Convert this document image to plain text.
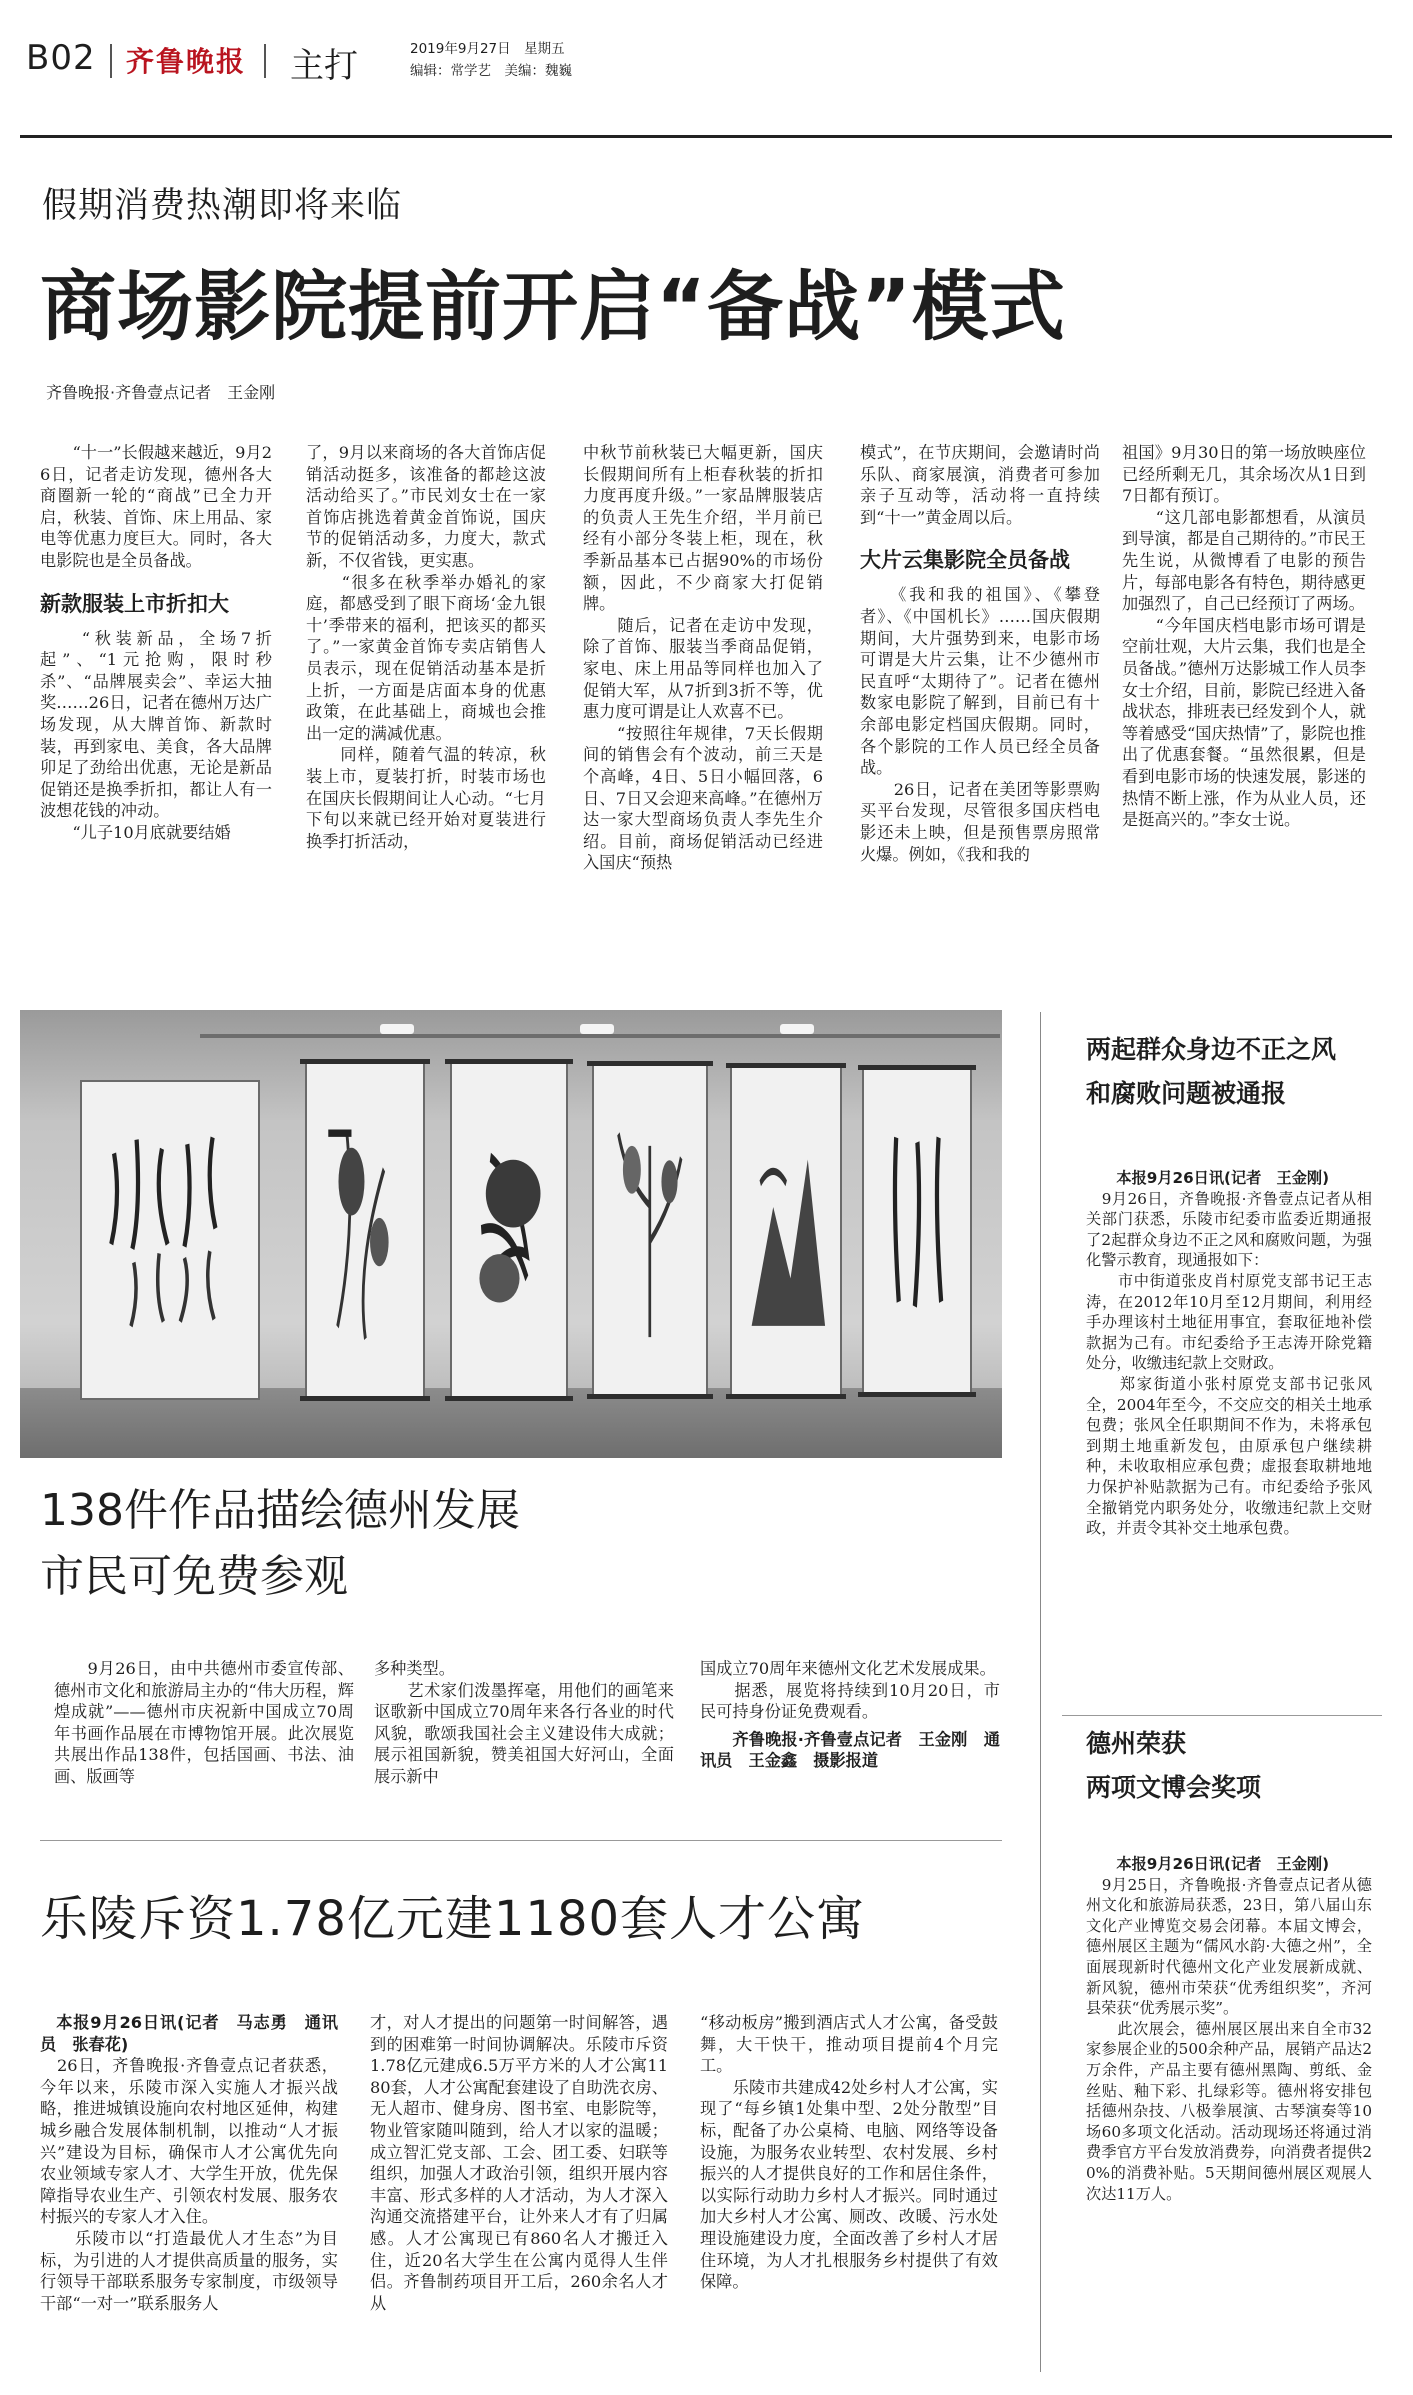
B02 齐鲁晚报 主打	2019年9月27日　星期五
编辑：常学艺　美编：魏巍
假期消费热潮即将来临
商场影院提前开启“备战”模式
齐鲁晚报·齐鲁壹点记者　王金刚

　　“十一”长假越来越近，9月26日，记者走访发现，德州各大商圈新一轮的“商战”已全力开启，秋装、首饰、床上用品、家电等优惠力度巨大。同时，各大电影院也是全员备战。

新款服装上市折扣大

　　“秋装新品，全场7折起”、“1元抢购，限时秒杀”、“品牌展卖会”、幸运大抽奖……26日，记者在德州万达广场发现，从大牌首饰、新款时装，再到家电、美食，各大品牌卯足了劲给出优惠，无论是新品促销还是换季折扣，都让人有一波想花钱的冲动。
　　“儿子10月底就要结婚

了，9月以来商场的各大首饰店促销活动挺多，该准备的都趁这波活动给买了。”市民刘女士在一家首饰店挑选着黄金首饰说，国庆节的促销活动多，力度大，款式新，不仅省钱，更实惠。
　　“很多在秋季举办婚礼的家庭，都感受到了眼下商场‘金九银十’季带来的福利，把该买的都买了。”一家黄金首饰专卖店销售人员表示，现在促销活动基本是折上折，一方面是店面本身的优惠政策，在此基础上，商城也会推出一定的满减优惠。
　　同样，随着气温的转凉，秋装上市，夏装打折，时装市场也在国庆长假期间让人心动。“七月下旬以来就已经开始对夏装进行换季打折活动，

中秋节前秋装已大幅更新，国庆长假期间所有上柜春秋装的折扣力度再度升级。”一家品牌服装店的负责人王先生介绍，半月前已经有小部分冬装上柜，现在，秋季新品基本已占据90%的市场份额，因此，不少商家大打促销牌。
　　随后，记者在走访中发现，除了首饰、服装当季商品促销，家电、床上用品等同样也加入了促销大军，从7折到3折不等，优惠力度可谓是让人欢喜不已。
　　“按照往年规律，7天长假期间的销售会有个波动，前三天是个高峰，4日、5日小幅回落，6日、7日又会迎来高峰。”在德州万达一家大型商场负责人李先生介绍。目前，商场促销活动已经进入国庆“预热

模式”，在节庆期间，会邀请时尚乐队、商家展演，消费者可参加亲子互动等，活动将一直持续到“十一”黄金周以后。

大片云集影院全员备战

　　《我和我的祖国》、《攀登者》、《中国机长》……国庆假期期间，大片强势到来，电影市场可谓是大片云集，让不少德州市民直呼“太期待了”。记者在德州数家电影院了解到，目前已有十余部电影定档国庆假期。同时，各个影院的工作人员已经全员备战。
　　26日，记者在美团等影票购买平台发现，尽管很多国庆档电影还未上映，但是预售票房照常火爆。例如，《我和我的

祖国》9月30日的第一场放映座位已经所剩无几，其余场次从1日到7日都有预订。
　　“这几部电影都想看，从演员到导演，都是自己期待的。”市民王先生说，从微博看了电影的预告片，每部电影各有特色，期待感更加强烈了，自己已经预订了两场。
　　“今年国庆档电影市场可谓是空前壮观，大片云集，我们也是全员备战。”德州万达影城工作人员李女士介绍，目前，影院已经进入备战状态，排班表已经发到个人，就等着感受“国庆热情”了，影院也推出了优惠套餐。“虽然很累，但是看到电影市场的快速发展，影迷的热情不断上涨，作为从业人员，还是挺高兴的。”李女士说。

138件作品描绘德州发展
市民可免费参观

　　9月26日，由中共德州市委宣传部、德州市文化和旅游局主办的“伟大历程，辉煌成就”——德州市庆祝新中国成立70周年书画作品展在市博物馆开展。此次展览共展出作品138件，包括国画、书法、油画、版画等

多种类型。
　　艺术家们泼墨挥毫，用他们的画笔来讴歌新中国成立70周年来各行各业的时代风貌，歌颂我国社会主义建设伟大成就；展示祖国新貌，赞美祖国大好河山，全面展示新中

国成立70周年来德州文化艺术发展成果。
　　据悉，展览将持续到10月20日，市民可持身份证免费观看。

齐鲁晚报·齐鲁壹点记者　王金刚　通讯员　王金鑫　摄影报道

乐陵斥资1.78亿元建1180套人才公寓

本报9月26日讯(记者　马志勇　通讯员　张春花)

　26日，齐鲁晚报·齐鲁壹点记者获悉，今年以来，乐陵市深入实施人才振兴战略，推进城镇设施向农村地区延伸，构建城乡融合发展体制机制，以推动“人才振兴”建设为目标，确保市人才公寓优先向农业领域专家人才、大学生开放，优先保障指导农业生产、引领农村发展、服务农村振兴的专家人才入住。
　　乐陵市以“打造最优人才生态”为目标，为引进的人才提供高质量的服务，实行领导干部联系服务专家制度，市级领导干部“一对一”联系服务人

才，对人才提出的问题第一时间解答，遇到的困难第一时间协调解决。乐陵市斥资1.78亿元建成6.5万平方米的人才公寓1180套，人才公寓配套建设了自助洗衣房、无人超市、健身房、图书室、电影院等，物业管家随叫随到，给人才以家的温暖；成立智汇党支部、工会、团工委、妇联等组织，加强人才政治引领，组织开展内容丰富、形式多样的人才活动，为人才深入沟通交流搭建平台，让外来人才有了归属感。人才公寓现已有860名人才搬迁入住，近20名大学生在公寓内觅得人生伴侣。齐鲁制药项目开工后，260余名人才从

“移动板房”搬到酒店式人才公寓，备受鼓舞，大干快干，推动项目提前4个月完工。
　　乐陵市共建成42处乡村人才公寓，实现了“每乡镇1处集中型、2处分散型”目标，配备了办公桌椅、电脑、网络等设备设施，为服务农业转型、农村发展、乡村振兴的人才提供良好的工作和居住条件，以实际行动助力乡村人才振兴。同时通过加大乡村人才公寓、厕改、改暖、污水处理设施建设力度，全面改善了乡村人才居住环境，为人才扎根服务乡村提供了有效保障。

两起群众身边不正之风
和腐败问题被通报

本报9月26日讯(记者　王金刚)

　9月26日，齐鲁晚报·齐鲁壹点记者从相关部门获悉，乐陵市纪委市监委近期通报了2起群众身边不正之风和腐败问题，为强化警示教育，现通报如下：
　　市中街道张皮肖村原党支部书记王志涛，在2012年10月至12月期间，利用经手办理该村土地征用事宜，套取征地补偿款据为己有。市纪委给予王志涛开除党籍处分，收缴违纪款上交财政。
　　郑家街道小张村原党支部书记张风全，2004年至今，不交应交的相关土地承包费；张风全任职期间不作为，未将承包到期土地重新发包，由原承包户继续耕种，未收取相应承包费；虚报套取耕地地力保护补贴款据为己有。市纪委给予张风全撤销党内职务处分，收缴违纪款上交财政，并责令其补交土地承包费。

德州荣获
两项文博会奖项

本报9月26日讯(记者　王金刚)

　9月25日，齐鲁晚报·齐鲁壹点记者从德州文化和旅游局获悉，23日，第八届山东文化产业博览交易会闭幕。本届文博会，德州展区主题为“儒风水韵·大德之州”，全面展现新时代德州文化产业发展新成就、新风貌，德州市荣获“优秀组织奖”，齐河县荣获“优秀展示奖”。
　　此次展会，德州展区展出来自全市32家参展企业的500余种产品，展销产品达2万余件，产品主要有德州黑陶、剪纸、金丝贴、釉下彩、扎绿彩等。德州将安排包括德州杂技、八极拳展演、古琴演奏等10场60多项文化活动。活动现场还将通过消费季官方平台发放消费券，向消费者提供20%的消费补贴。5天期间德州展区观展人次达11万人。
